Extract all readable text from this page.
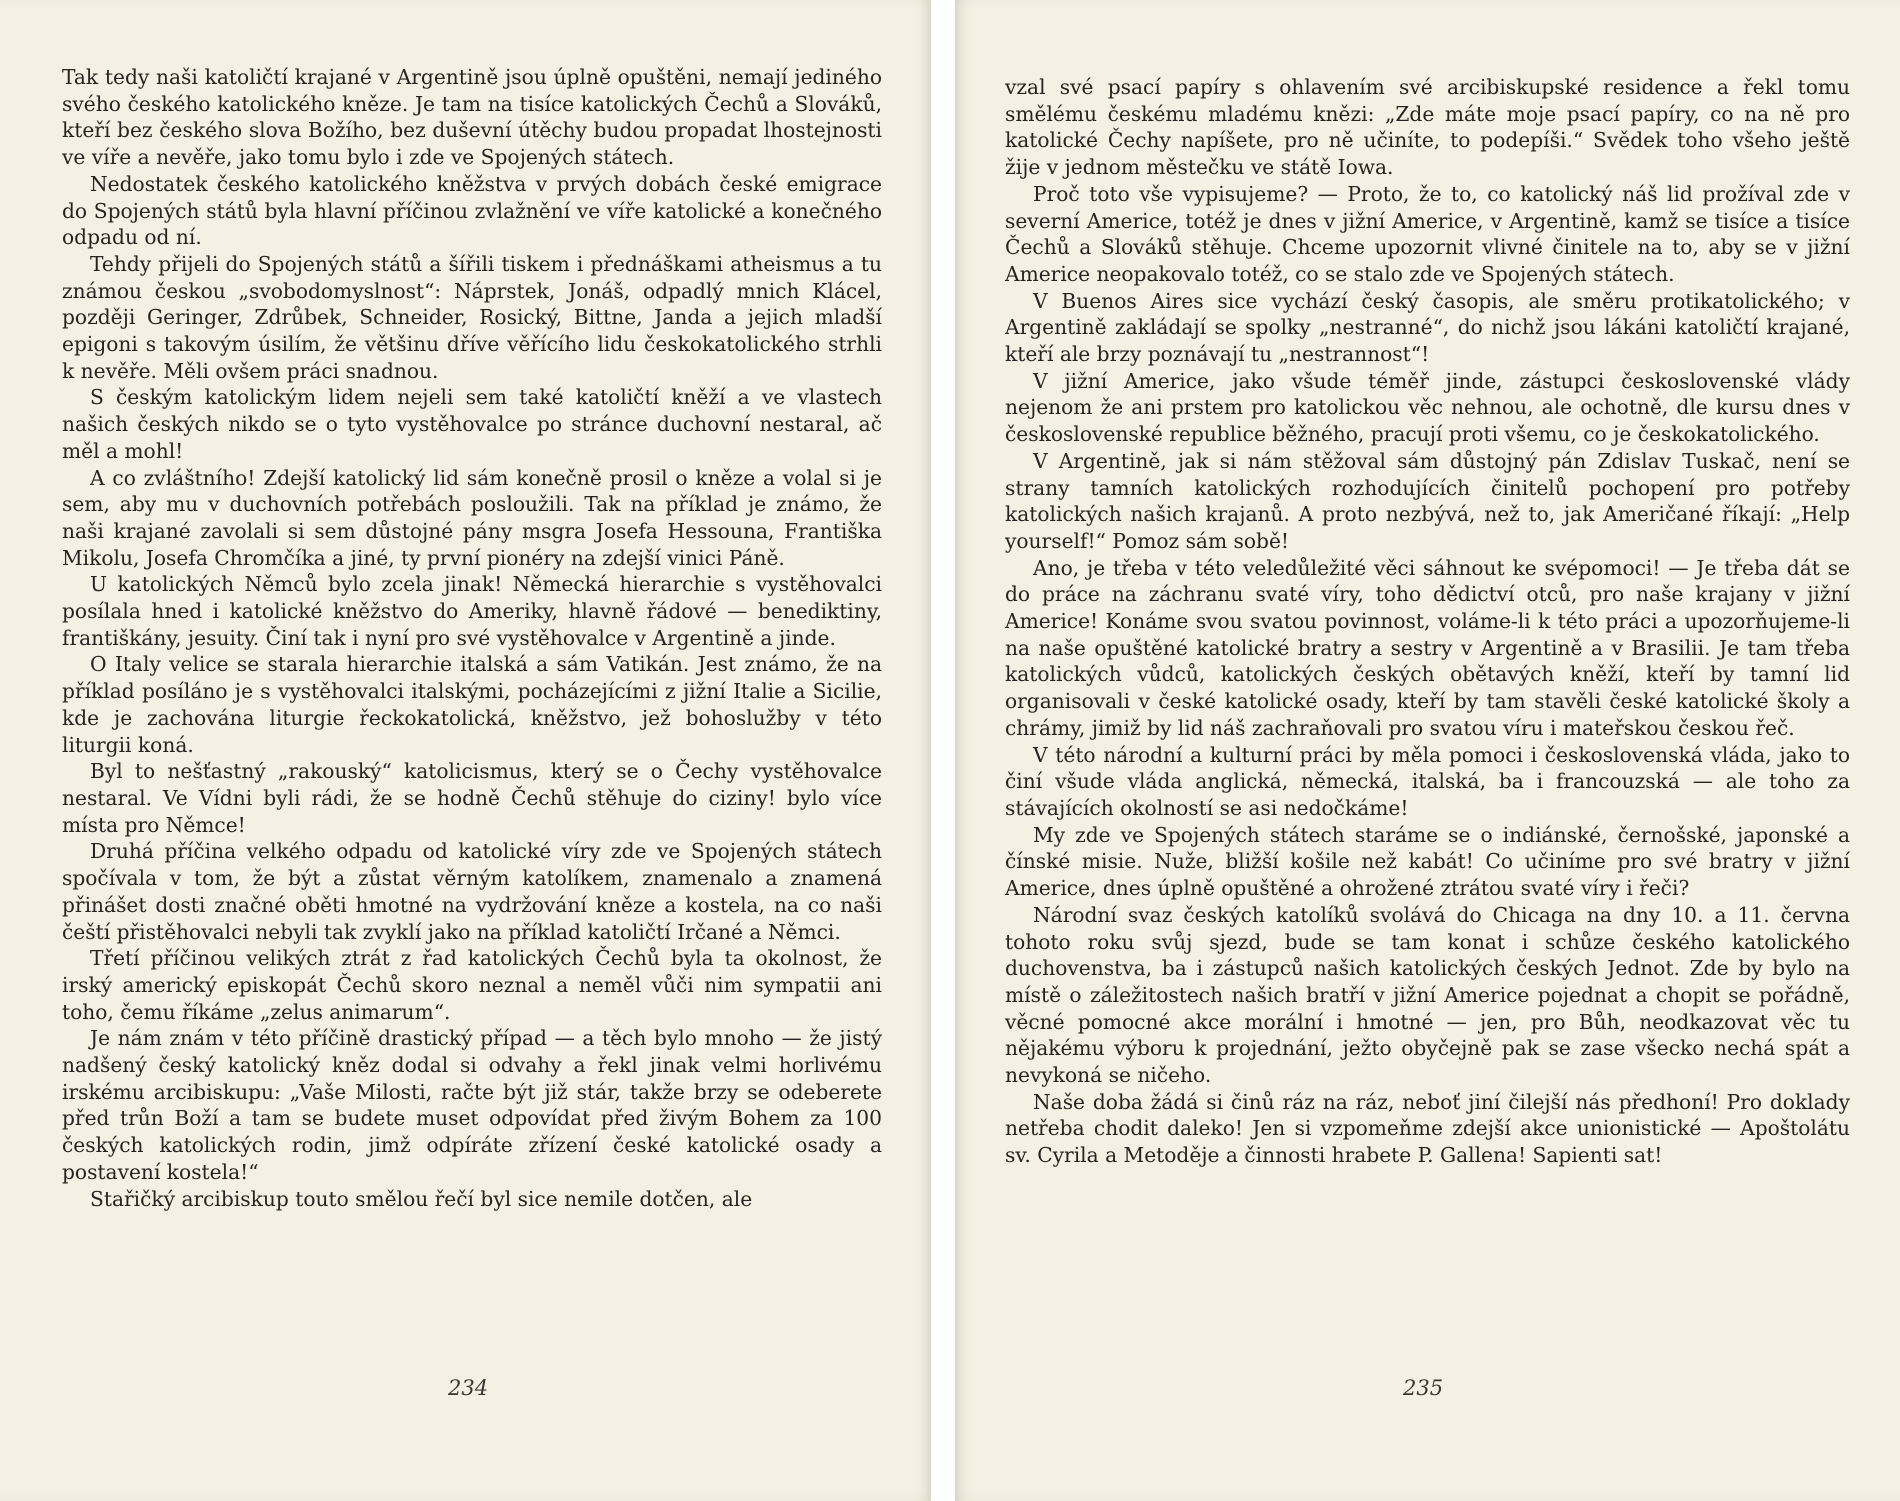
Tak tedy naši katoličtí krajané v Argentině jsou úplně opuštěni, nemají jediného svého českého katolického kněze. Je tam na tisíce katolických Čechů a Slováků, kteří bez českého slova Božího, bez duševní útěchy budou propadat lhostejnosti ve víře a nevěře, jako tomu bylo i zde ve Spojených státech.

Nedostatek českého katolického kněžstva v prvých dobách české emigrace do Spojených států byla hlavní příčinou zvlažnění ve víře katolické a konečného odpadu od ní.

Tehdy přijeli do Spojených států a šířili tiskem i přednáškami atheismus a tu známou českou „svobodomyslnost“: Náprstek, Jonáš, odpadlý mnich Klácel, později Geringer, Zdrůbek, Schneider, Rosický, Bittne, Janda a jejich mladší epigoni s takovým úsilím, že většinu dříve věřícího lidu českokatolického strhli k nevěře. Měli ovšem práci snadnou.

S českým katolickým lidem nejeli sem také katoličtí kněží a ve vlastech našich českých nikdo se o tyto vystěhovalce po stránce duchovní nestaral, ač měl a mohl!

A co zvláštního! Zdejší katolický lid sám konečně prosil o kněze a volal si je sem, aby mu v duchovních potřebách posloužili. Tak na příklad je známo, že naši krajané zavolali si sem důstojné pány msgra Josefa Hessouna, Františka Mikolu, Josefa Chromčíka a jiné, ty první pionéry na zdejší vinici Páně.

U katolických Němců bylo zcela jinak! Německá hierarchie s vystěhovalci posílala hned i katolické kněžstvo do Ameriky, hlavně řádové — benediktiny, františkány, jesuity. Činí tak i nyní pro své vystěhovalce v Argentině a jinde.

O Italy velice se starala hierarchie italská a sám Vatikán. Jest známo, že na příklad posíláno je s vystěhovalci italskými, pocházejícími z jižní Italie a Sicilie, kde je zachována liturgie řeckokatolická, kněžstvo, jež bohoslužby v této liturgii koná.

Byl to nešťastný „rakouský“ katolicismus, který se o Čechy vystěhovalce nestaral. Ve Vídni byli rádi, že se hodně Čechů stěhuje do ciziny! bylo více místa pro Němce!

Druhá příčina velkého odpadu od katolické víry zde ve Spojených státech spočívala v tom, že být a zůstat věrným katolíkem, znamenalo a znamená přinášet dosti značné oběti hmotné na vydržování kněze a kostela, na co naši čeští přistěhovalci nebyli tak zvyklí jako na příklad katoličtí Irčané a Němci.

Třetí příčinou velikých ztrát z řad katolických Čechů byla ta okolnost, že irský americký episkopát Čechů skoro neznal a neměl vůči nim sympatii ani toho, čemu říkáme „zelus animarum“.

Je nám znám v této příčině drastický případ — a těch bylo mnoho — že jistý nadšený český katolický kněz dodal si odvahy a řekl jinak velmi horlivému irskému arcibiskupu: „Vaše Milosti, račte být již stár, takže brzy se odeberete před trůn Boží a tam se budete muset odpovídat před živým Bohem za 100 českých katolických rodin, jimž odpíráte zřízení české katolické osady a postavení kostela!“

Stařičký arcibiskup touto smělou řečí byl sice nemile dotčen, ale

234

vzal své psací papíry s ohlavením své arcibiskupské residence a řekl tomu smělému českému mladému knězi: „Zde máte moje psací papíry, co na ně pro katolické Čechy napíšete, pro ně učiníte, to podepíši.“ Svědek toho všeho ještě žije v jednom městečku ve státě Iowa.

Proč toto vše vypisujeme? — Proto, že to, co katolický náš lid prožíval zde v severní Americe, totéž je dnes v jižní Americe, v Argentině, kamž se tisíce a tisíce Čechů a Slováků stěhuje. Chceme upozornit vlivné činitele na to, aby se v jižní Americe neopakovalo totéž, co se stalo zde ve Spojených státech.

V Buenos Aires sice vychází český časopis, ale směru protikatolického; v Argentině zakládají se spolky „nestranné“, do nichž jsou lákáni katoličtí krajané, kteří ale brzy poznávají tu „nestrannost“!

V jižní Americe, jako všude téměř jinde, zástupci československé vlády nejenom že ani prstem pro katolickou věc nehnou, ale ochotně, dle kursu dnes v československé republice běžného, pracují proti všemu, co je českokatolického.

V Argentině, jak si nám stěžoval sám důstojný pán Zdislav Tuskač, není se strany tamních katolických rozhodujících činitelů pochopení pro potřeby katolických našich krajanů. A proto nezbývá, než to, jak Američané říkají: „Help yourself!“ Pomoz sám sobě!

Ano, je třeba v této veledůležité věci sáhnout ke svépomoci! — Je třeba dát se do práce na záchranu svaté víry, toho dědictví otců, pro naše krajany v jižní Americe! Konáme svou svatou povinnost, voláme-li k této práci a upozorňujeme-li na naše opuštěné katolické bratry a sestry v Argentině a v Brasilii. Je tam třeba katolických vůdců, katolických českých obětavých kněží, kteří by tamní lid organisovali v české katolické osady, kteří by tam stavěli české katolické školy a chrámy, jimiž by lid náš zachraňovali pro svatou víru i mateřskou českou řeč.

V této národní a kulturní práci by měla pomoci i československá vláda, jako to činí všude vláda anglická, německá, italská, ba i francouzská — ale toho za stávajících okolností se asi nedočkáme!

My zde ve Spojených státech staráme se o indiánské, černošské, japonské a čínské misie. Nuže, bližší košile než kabát! Co učiníme pro své bratry v jižní Americe, dnes úplně opuštěné a ohrožené ztrátou svaté víry i řeči?

Národní svaz českých katolíků svolává do Chicaga na dny 10. a 11. června tohoto roku svůj sjezd, bude se tam konat i schůze českého katolického duchovenstva, ba i zástupců našich katolických českých Jednot. Zde by bylo na místě o záležitostech našich bratří v jižní Americe pojednat a chopit se pořádně, věcné pomocné akce morální i hmotné — jen, pro Bůh, neodkazovat věc tu nějakému výboru k projednání, ježto obyčejně pak se zase všecko nechá spát a nevykoná se ničeho.

Naše doba žádá si činů ráz na ráz, neboť jiní čilejší nás předhoní! Pro doklady netřeba chodit daleko! Jen si vzpomeňme zdejší akce unionistické — Apoštolátu sv. Cyrila a Metoděje a činnosti hrabete P. Gallena! Sapienti sat!

235
